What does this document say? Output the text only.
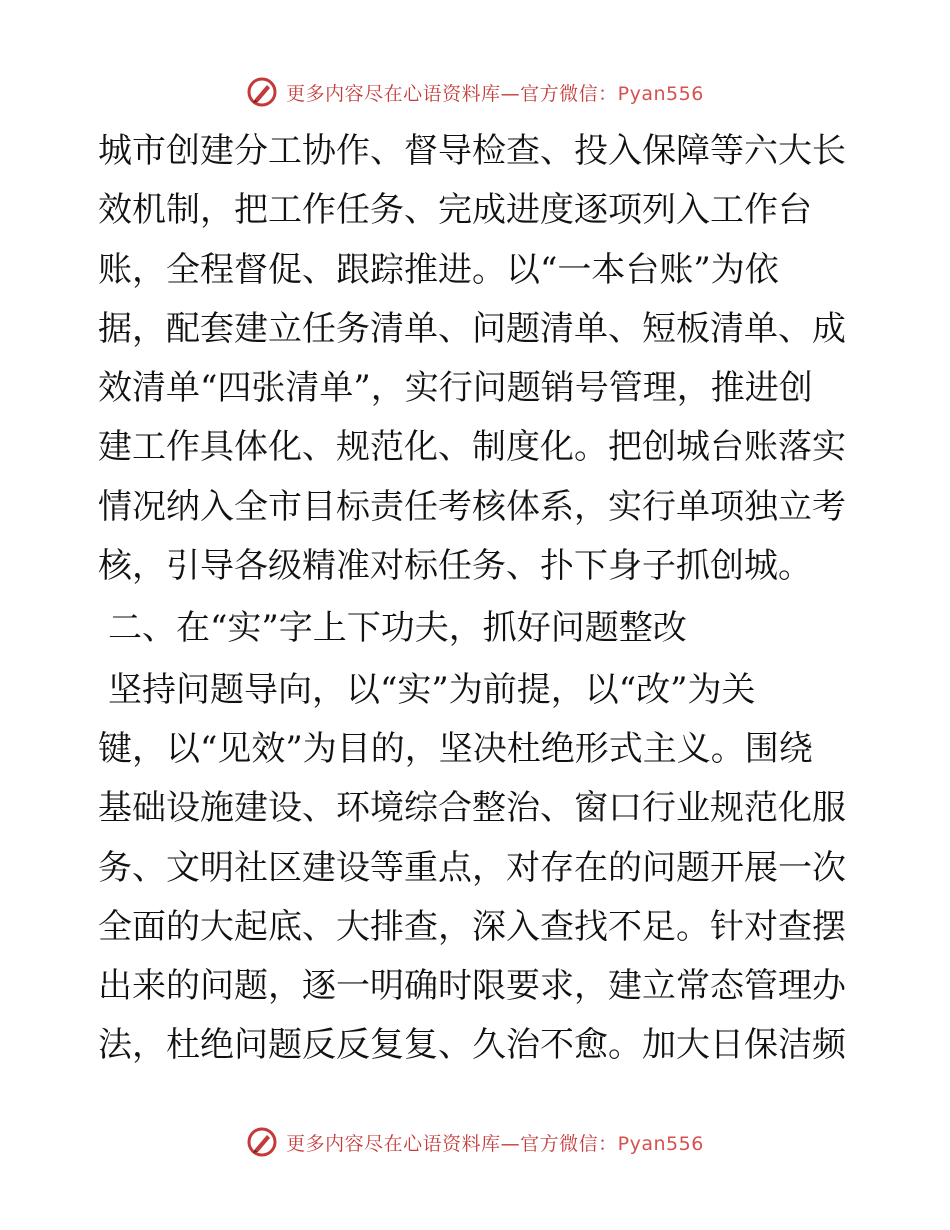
更多内容尽在心语资料库—官方微信：Pyan556
城市创建分工协作、督导检查、投入保障等六大长
效机制，把工作任务、完成进度逐项列入工作台
账，全程督促、跟踪推进。以“一本台账”为依
据，配套建立任务清单、问题清单、短板清单、成
效清单“四张清单”，实行问题销号管理，推进创
建工作具体化、规范化、制度化。把创城台账落实
情况纳入全市目标责任考核体系，实行单项独立考
核，引导各级精准对标任务、扑下身子抓创城。
二、在“实”字上下功夫，抓好问题整改
坚持问题导向，以“实”为前提，以“改”为关
键，以“见效”为目的，坚决杜绝形式主义。围绕
基础设施建设、环境综合整治、窗口行业规范化服
务、文明社区建设等重点，对存在的问题开展一次
全面的大起底、大排查，深入查找不足。针对查摆
出来的问题，逐一明确时限要求，建立常态管理办
法，杜绝问题反反复复、久治不愈。加大日保洁频
更多内容尽在心语资料库—官方微信：Pyan556
